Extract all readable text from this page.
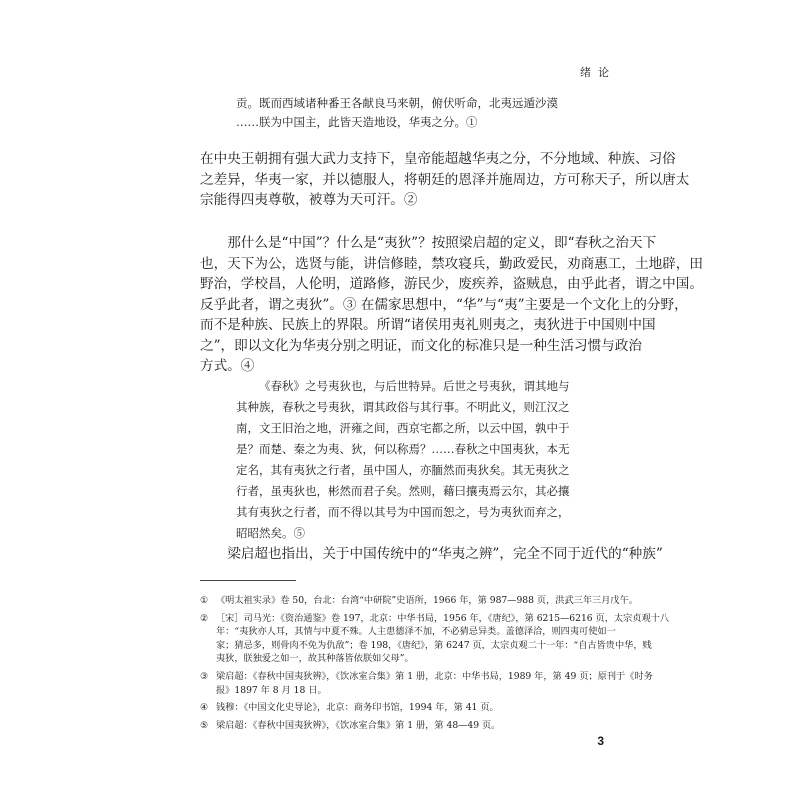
绪论
贡。既而西域诸种番王各献良马来朝，俯伏听命，北夷远遁沙漠
……朕为中国主，此皆天造地设，华夷之分。①
在中央王朝拥有强大武力支持下，皇帝能超越华夷之分，不分地域、种族、习俗
之差异，华夷一家，并以德服人，将朝廷的恩泽并施周边，方可称天子，所以唐太
宗能得四夷尊敬，被尊为天可汗。②
那什么是“中国”？什么是“夷狄”？按照梁启超的定义，即“春秋之治天下
也，天下为公，选贤与能，讲信修睦，禁攻寝兵，勤政爱民，劝商惠工，土地辟，田
野治，学校昌，人伦明，道路修，游民少，废疾养，盗贼息，由乎此者，谓之中国。
反乎此者，谓之夷狄”。③ 在儒家思想中，“华”与“夷”主要是一个文化上的分野，
而不是种族、民族上的界限。所谓“诸侯用夷礼则夷之，夷狄进于中国则中国
之”，即以文化为华夷分别之明证，而文化的标准只是一种生活习惯与政治
方式。④
《春秋》之号夷狄也，与后世特异。后世之号夷狄，谓其地与
其种族，春秋之号夷狄，谓其政俗与其行事。不明此义，则江汉之
南，文王旧治之地，汧雍之间，西京宅都之所，以云中国，孰中于
是？而楚、秦之为夷、狄，何以称焉？……春秋之中国夷狄，本无
定名，其有夷狄之行者，虽中国人，亦腼然而夷狄矣。其无夷狄之
行者，虽夷狄也，彬然而君子矣。然则，藉曰攘夷焉云尔，其必攘
其有夷狄之行者，而不得以其号为中国而恕之，号为夷狄而弃之，
昭昭然矣。⑤
梁启超也指出，关于中国传统中的“华夷之辨”，完全不同于近代的“种族”
① 《明太祖实录》卷 50，台北：台湾“中研院”史语所，1966 年，第 987—988 页，洪武三年三月戊午。
② ［宋］司马光：《资治通鉴》卷 197，北京：中华书局，1956 年，《唐纪》，第 6215—6216 页，太宗贞观十八
年：“夷狄亦人耳，其情与中夏不殊。人主患德泽不加，不必猜忌异类。盖德泽洽，则四夷可使如一
家；猜忌多，则骨肉不免为仇敌”；卷 198，《唐纪》，第 6247 页，太宗贞观二十一年：“自古皆贵中华，贱
夷狄，朕独爱之如一，故其种落皆依朕如父母”。
③ 梁启超：《春秋中国夷狄辨》，《饮冰室合集》第 1 册，北京：中华书局，1989 年，第 49 页；原刊于《时务
报》1897 年 8 月 18 日。
④ 钱穆：《中国文化史导论》，北京：商务印书馆，1994 年，第 41 页。
⑤ 梁启超：《春秋中国夷狄辨》，《饮冰室合集》第 1 册，第 48—49 页。
3
